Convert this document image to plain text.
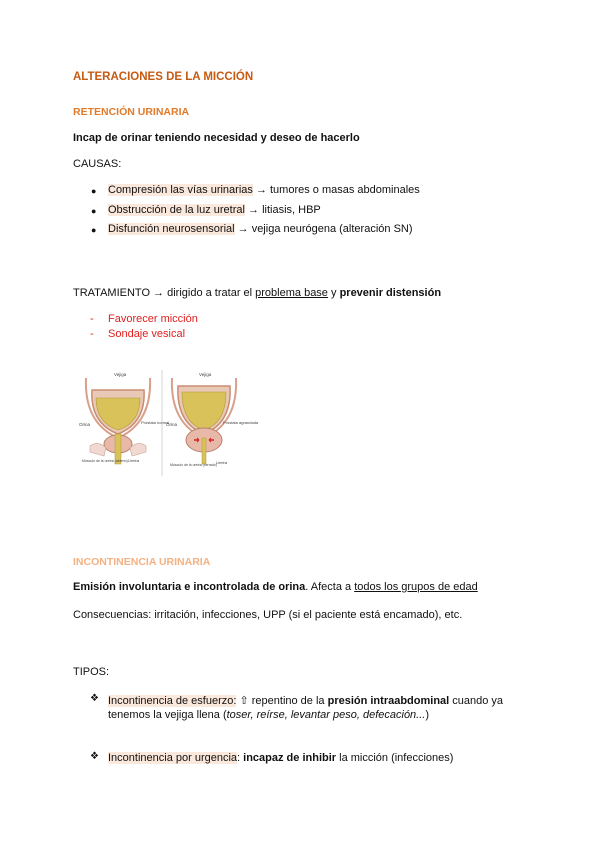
ALTERACIONES DE LA MICCIÓN
RETENCIÓN URINARIA
Incap de orinar teniendo necesidad y deseo de hacerlo
CAUSAS:
● Compresión las vías urinarias → tumores o masas abdominales
● Obstrucción de la luz uretral → litiasis, HBP
● Disfunción neurosensorial → vejiga neurógena (alteración SN)
TRATAMIENTO → dirigido a tratar el problema base y prevenir distensión
- Favorecer micción
- Sondaje vesical
Vejiga
Orina	Próstata normal
Músculo de la uretra (abierto) Uretra
Vejiga
Orina	Próstata agrandada
Músculo de la uretra (cerrado) Uretra
INCONTINENCIA URINARIA
Emisión involuntaria e incontrolada de orina. Afecta a todos los grupos de edad
Consecuencias: irritación, infecciones, UPP (si el paciente está encamado), etc.
TIPOS:
❖ Incontinencia de esfuerzo: ⇧ repentino de la presión intraabdominal cuando ya
tenemos la vejiga llena (toser, reírse, levantar peso, defecación...)
❖ Incontinencia por urgencia: incapaz de inhibir la micción (infecciones)
